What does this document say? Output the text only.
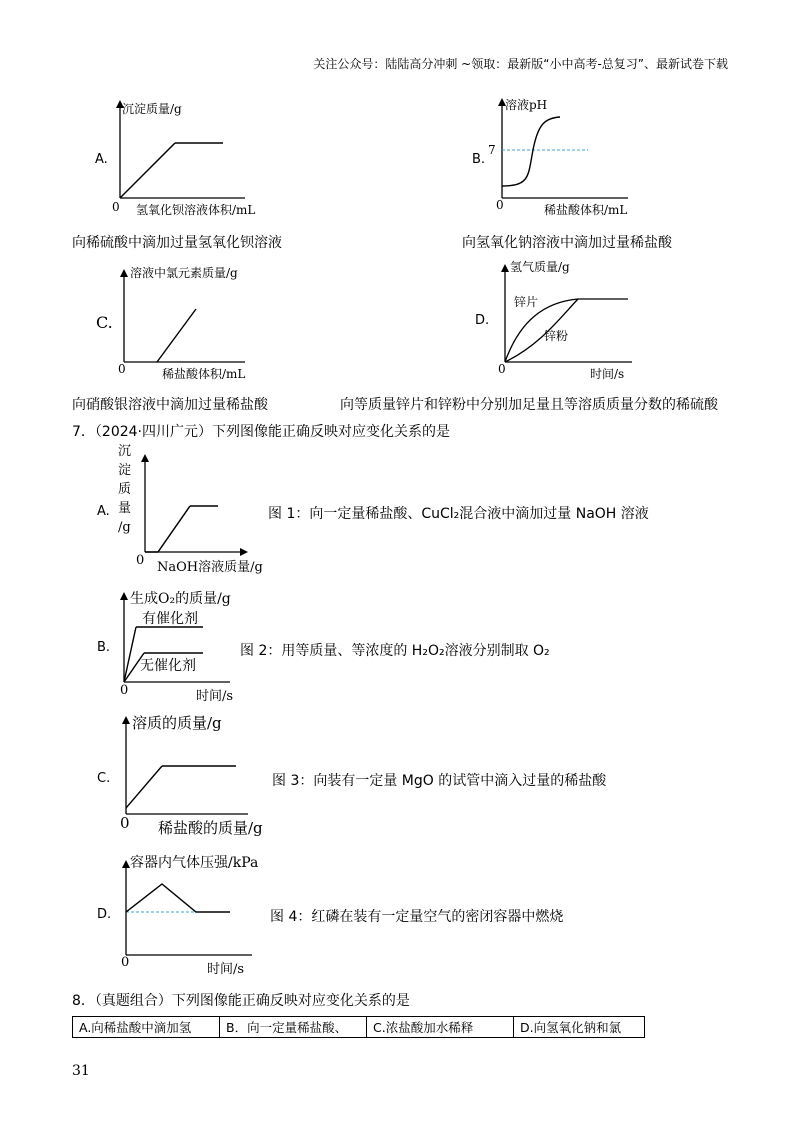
关注公众号：陆陆高分冲刺 ~领取：最新版“小中高考-总复习”、最新试卷下载
A.
沉淀质量/g
氢氧化钡溶液体积/mL
0
向稀硫酸中滴加过量氢氧化钡溶液
B.
溶液pH
7
稀盐酸体积/mL
0
向氢氧化钠溶液中滴加过量稀盐酸
C.
溶液中氯元素质量/g
稀盐酸体积/mL
0
向硝酸银溶液中滴加过量稀盐酸
D.
氢气质量/g
锌片
锌粉
时间/s
0
向等质量锌片和锌粉中分别加足量且等溶质质量分数的稀硫酸
7．（2024·四川广元）下列图像能正确反映对应变化关系的是
A.
沉
淀
质
量
/g
NaOH溶液质量/g
0
图 1：向一定量稀盐酸、CuCl₂混合液中滴加过量 NaOH 溶液
B.
生成O₂的质量/g
有催化剂
无催化剂
时间/s
0
图 2：用等质量、等浓度的 H₂O₂溶液分别制取 O₂
C.
溶质的质量/g
稀盐酸的质量/g
0
图 3：向装有一定量 MgO 的试管中滴入过量的稀盐酸
D.
容器内气体压强/kPa
时间/s
0
图 4：红磷在装有一定量空气的密闭容器中燃烧
8．（真题组合）下列图像能正确反映对应变化关系的是
A.向稀盐酸中滴加氢	B．向一定量稀盐酸、	C.浓盐酸加水稀释	D.向氢氧化钠和氯
31
